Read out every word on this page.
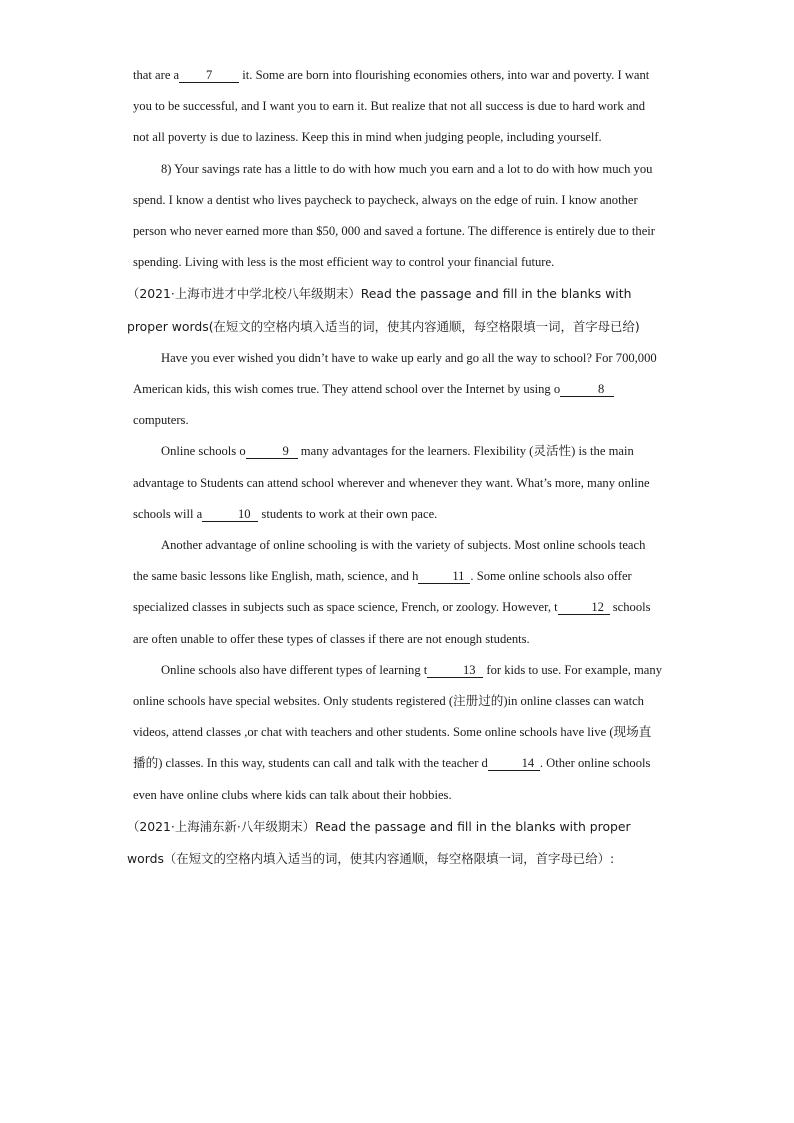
that are a 7 it. Some are born into flourishing economies others, into war and poverty. I want you to be successful, and I want you to earn it. But realize that not all success is due to hard work and not all poverty is due to laziness. Keep this in mind when judging people, including yourself.

8) Your savings rate has a little to do with how much you earn and a lot to do with how much you spend. I know a dentist who lives paycheck to paycheck, always on the edge of ruin. I know another person who never earned more than $50, 000 and saved a fortune. The difference is entirely due to their spending. Living with less is the most efficient way to control your financial future.

（2021·上海市进才中学北校八年级期末）Read the passage and fill in the blanks with proper words(在短文的空格内填入适当的词，使其内容通顺，每空格限填一词，首字母已给)

Have you ever wished you didn’t have to wake up early and go all the way to school? For 700,000 American kids, this wish comes true. They attend school over the Internet by using o	8
computers.

Online schools o	9 many advantages for the learners. Flexibility (灵活性) is the main advantage to Students can attend school wherever and whenever they want. What’s more, many online schools will a	10 students to work at their own pace.

Another advantage of online schooling is with the variety of subjects. Most online schools teach the same basic lessons like English, math, science, and h	11 . Some online schools also offer specialized classes in subjects such as space science, French, or zoology. However, t	12 schools are often unable to offer these types of classes if there are not enough students.

Online schools also have different types of learning t	13 for kids to use. For example, many online schools have special websites. Only students registered (注册过的)in online classes can watch videos, attend classes ,or chat with teachers and other students. Some online schools have live (现场直播的) classes. In this way, students can call and talk with the teacher d	14 . Other online schools even have online clubs where kids can talk about their hobbies.

（2021·上海浦东新·八年级期末）Read the passage and fill in the blanks with proper words（在短文的空格内填入适当的词，使其内容通顺，每空格限填一词，首字母已给）:
